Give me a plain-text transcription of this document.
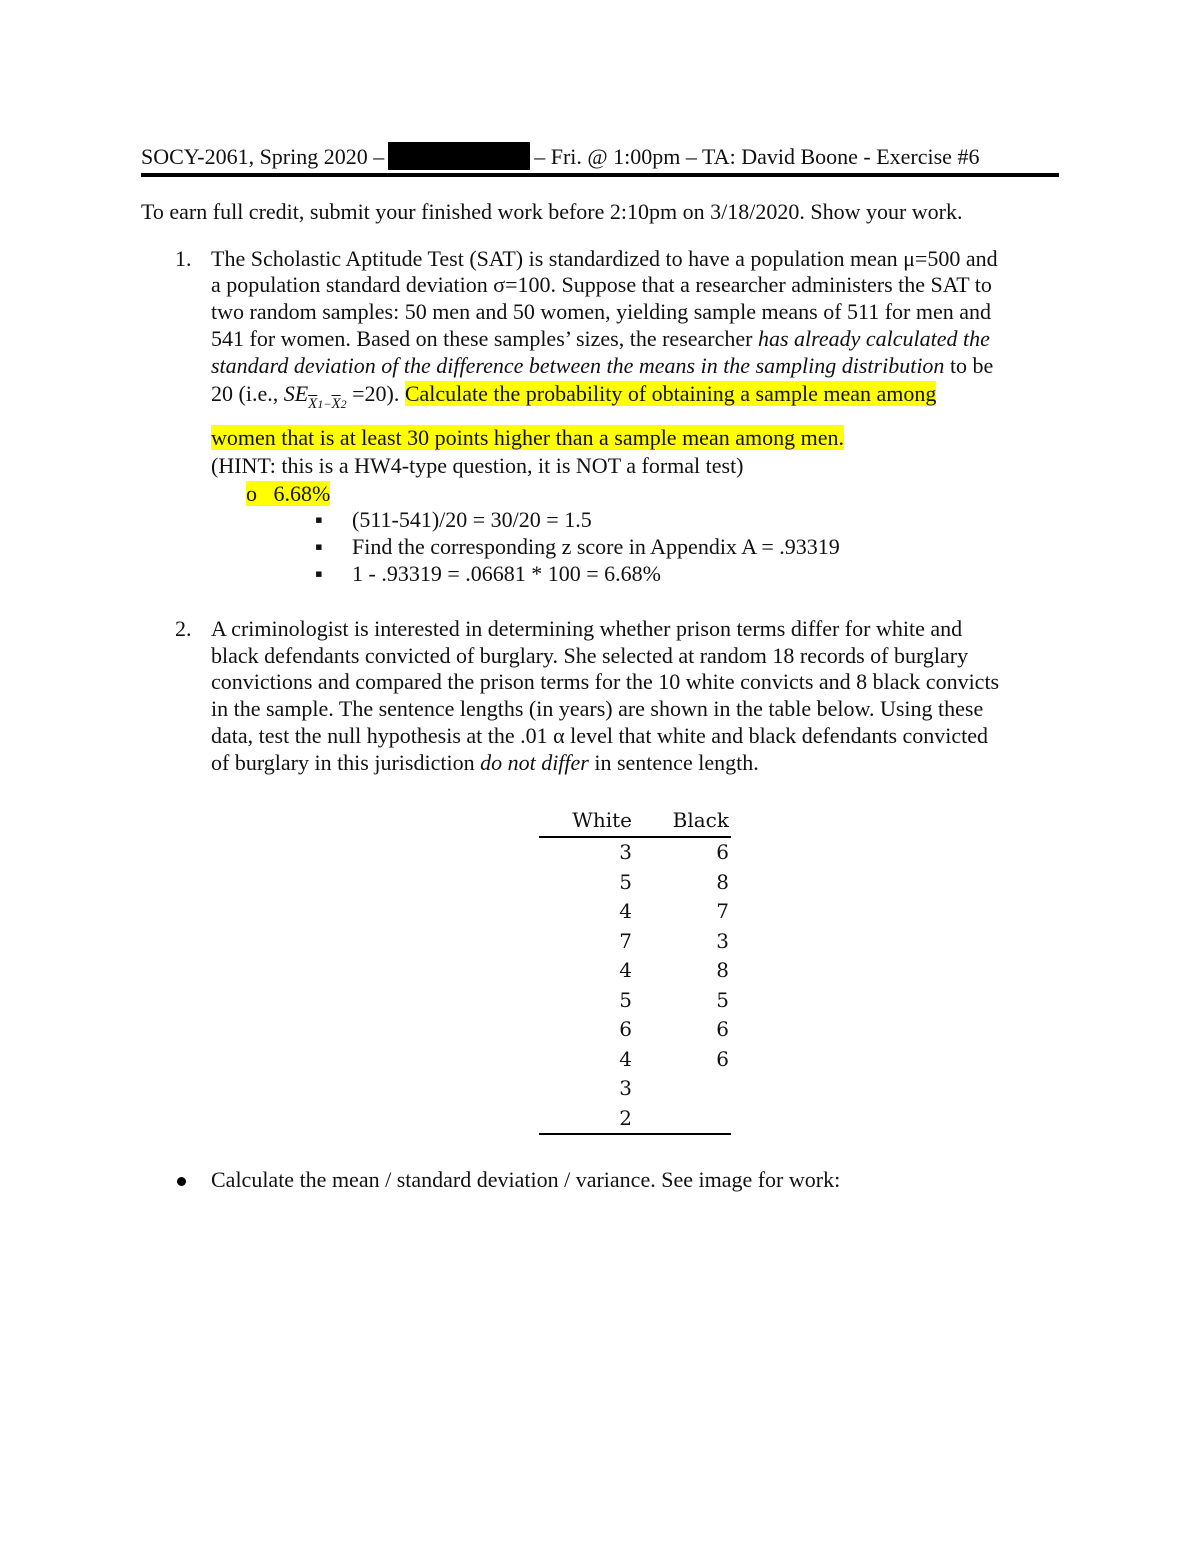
SOCY-2061, Spring 2020 –	– Fri. @ 1:00pm – TA: David Boone - Exercise #6
To earn full credit, submit your finished work before 2:10pm on 3/18/2020. Show your work.
1. The Scholastic Aptitude Test (SAT) is standardized to have a population mean μ=500 and
a population standard deviation σ=100. Suppose that a researcher administers the SAT to
two random samples: 50 men and 50 women, yielding sample means of 511 for men and
541 for women. Based on these samples’ sizes, the researcher has already calculated the
standard deviation of the difference between the means in the sampling distribution to be
20 (i.e., $SE_{\overline{X}1-\overline{X}2} =20$). Calculate the probability of obtaining a sample mean among
women that is at least 30 points higher than a sample mean among men.
(HINT: this is a HW4-type question, it is NOT a formal test)
o 6.68%
▪ (511-541)/20 = 30/20 = 1.5
▪ Find the corresponding z score in Appendix A = .93319
▪ 1 - .93319 = .06681 * 100 = 6.68%
2. A criminologist is interested in determining whether prison terms differ for white and
black defendants convicted of burglary. She selected at random 18 records of burglary
convictions and compared the prison terms for the 10 white convicts and 8 black convicts
in the sample. The sentence lengths (in years) are shown in the table below. Using these
data, test the null hypothesis at the .01 α level that white and black defendants convicted
of burglary in this jurisdiction do not differ in sentence length.
White	Black
3	6
5	8
4	7
7	3
4	8
5	5
6	6
4	6
3
2
Calculate the mean / standard deviation / variance. See image for work:
